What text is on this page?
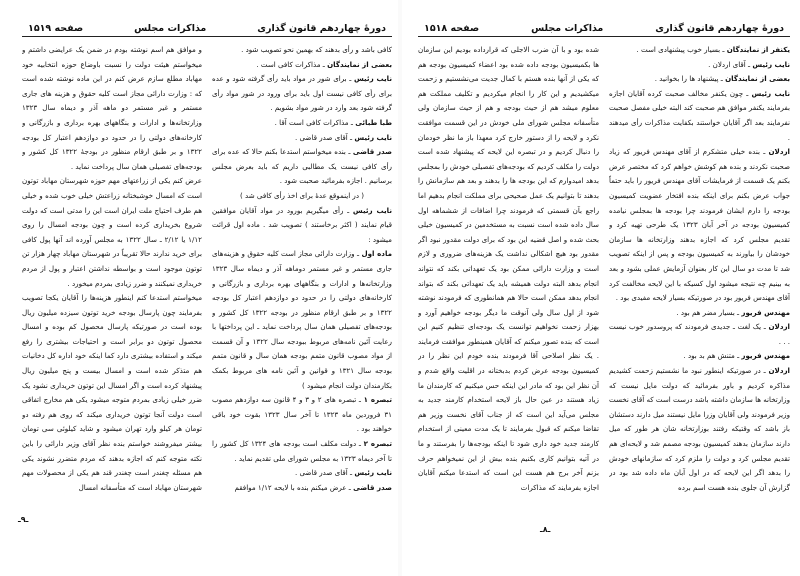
دورهٔ چهاردهم قانون گذاری
مذاکرات مجلس
صفحه ۱۵۱۹

کافی باشد و رأی بدهند که بهمین نحو تصویب شود .

بعضی از نمایندگان ـ مذاکرات کافی است .

نایب رئیس ـ برای شور در مواد باید رأی گرفته شود و عده برای رأی کافی نیست اول باید برای ورود در شور مواد رأی گرفته شود بعد وارد در شور مواد بشویم .

طبا طبائی ـ مذاکرات کافی است آقا .

نایب رئیس ـ آقای صدر قاضی .

صدر قاضی ـ بنده میخواستم استدعا بکنم حالا که عده برای رأی کافی نیست یک مطالبی داریم که باید بعرض مجلس برسانیم . اجازه بفرمائید صحبت شود .

( در اینموقع عدهٔ برای اخذ رأی کافی شد )

نایب رئیس ـ رأی میگیریم بورود در مواد آقایان موافقین قیام نمایند ( اکثر برخاستند ) تصویب شد . ماده اول قرائت میشود :

ماده اول ـ وزارت دارائی مجاز است کلیه حقوق و هزینه‌های جاری مستمر و غیر مستمر دوماهه آذر و دیماه سال ۱۳۲۳ وزارتخانه‌ها و ادارات و بنگاههای بهره برداری و بازرگانی و کارخانه‌های دولتی را در حدود دو دوازدهم اعتبار کل بودجه ۱۳۲۲ و بر طبق ارقام منظور در بودجه ۱۳۲۲ کل کشور و بودجه‌های تفصیلی همان سال پرداخت نماید ـ این پرداختها با رعایت آئین نامه‌های مربوط ببودجه سال ۱۳۲۲ و آن قسمت از مواد مصوب قانون متمم بودجه همان سال و قانون متمم بودجه سال ۱۳۲۱ و قوانین و آئین نامه های مربوط بکمک بکارمندان دولت انجام میشود )

تبصره ۱ ـ تبصره های ۲ و ۳ و ۴ قانون سه دوازدهم مصوب ۳۱ فروردین ماه ۱۳۲۳ تا آخر سال ۱۳۲۳ بقوت خود باقی خواهند بود .

تبصره ۲ ـ دولت مکلف است بودجه های ۱۳۲۴ کل کشور را تا آخر دیماه ۱۳۲۳ به مجلس شورای ملی تقدیم نماید .

نایب رئیس ـ آقای صدر قاضی .

صدر قاضی ـ عرض میکنم بنده با لایحه ۱/۱۲ موافقم

و موافق هم اسم نوشته بودم در ضمن یک عرایضی داشتم و میخواستم هیئت دولت را نسبت باوضاع حوزه انتخابیه خود مهاباد مطلع سازم عرض کنم در این ماده نوشته شده است که : وزارت دارائی مجاز است کلیه حقوق و هزینه های جاری مستمر و غیر مستمر دو ماهه آذر و دیماه سال ۱۳۲۳ وزارتخانه‌ها و ادارات و بنگاههای بهره برداری و بازرگانی و کارخانه‌های دولتی را در حدود دو دوازدهم اعتبار کل بودجه ۱۳۲۲ و بر طبق ارقام منظور در بودجهٔ ۱۳۲۲ کل کشور و بودجه‌های تفصیلی همان سال پرداخت نماید .

عرض کنم یکی از زراعتهای مهم حوزه شهرستان مهاباد توتون است که امسال خوشبختانه زراعتش خیلی خوب شده و خیلی هم طرف احتیاج ملت ایران است این را مدتی است که دولت شروع بخریداری کرده است و چون بودجه امسال را روی ۱/۱۲ یا ۲/۱۲ ـ سال ۱۳۲۲ به مجلس آورده اند آنها پول کافی برای خرید ندارند حالا تقریباً در شهرستان مهاباد چهار هزار تن توتون موجود است و بواسطه نداشتن اعتبار و پول از مردم خریداری نمیکنند و ضرر زیادی بمردم میخورد .

میخواستم استدعا کنم اینطور هزینه‌ها را آقایان یکجا تصویب بفرمایند چون پارسال بودجه خرید توتون سیزده میلیون ریال بوده است در صورتیکه پارسال محصول کم بوده و امسال محصول توتون دو برابر است و احتیاجات بیشتری را رفع میکند و استفاده بیشتری دارد کما اینکه خود اداره کل دخانیات هم متذکر شده است و امسال بیست و پنج میلیون ریال پیشنهاد کرده است و اگر امسال این توتون خریداری نشود یک ضرر خیلی زیادی بمردم متوجه میشود یکی هم مخارج اتفاقی است دولت آنجا توتون خریداری میکند که روی هم رفته دو تومان هر کیلو وارد تهران میشود و شاید کیلوئی سی تومان بیشتر میفروشند خواستم بنده نظر آقای وزیر دارائی را باین نکته متوجه کنم که اجازه بدهند که مردم متضرر نشوند یکی هم مسئله چغندر است چغندر قند هم یکی از محصولات مهم شهرستان مهاباد است که متأسفانه امسال

ـ۹ـ
دورهٔ چهاردهم قانون گذاری
مذاکرات مجلس
صفحه ۱۵۱۸

یکنفر از نمایندگان ـ بسیار خوب پیشنهادی است .

نایب رئیس ـ آقای اردلان .

بعضی از نمایندگان ـ پیشنهاد ها را بخوانید .

نایب رئیس ـ چون یکنفر مخالف صحبت کرده آقایان اجازه بفرمایند یکنفر موافق هم صحبت کند البته خیلی مفصل صحبت نفرمایند بعد اگر آقایان خواستند بکفایت مذاکرات رأی میدهند .

اردلان ـ بنده خیلی متشکرم از آقای مهندس فریور که زیاد صحبت نکردند و بنده هم کوشش خواهم کرد که مختصر عرض بکنم یک قسمت از فرمایشات آقای مهندس فریور را باید حتماً جواب عرض بکنم برای اینکه بنده افتخار عضویت کمیسیون بودجه را دارم ایشان فرمودند چرا بودجه ها بمجلس نیامده کمیسیون بودجه در آخر آبان ۱۳۲۳ یک طرحی تهیه کرد و تقدیم مجلس کرد که اجازه بدهند وزارتخانه ها سازمان خودشان را بیاورند به کمیسیون بودجه و پس از اینکه تصویب شد تا مدت دو سال این کار بعنوان آزمایش عملی بشود و بعد به بینیم چه نتیجه میشود اول کسیکه با این لایحه مخالفت کرد آقای مهندس فریور بود در صورتیکه بسیار لایحه مفیدی بود .

مهندس فریور ـ بسیار مضر هم بود .

اردلان ـ یک لغت ـ جدیدی فرمودند که پروسدور خوب نیست . . .

مهندس فریور ـ متنش هم بد بود .

اردلان ـ در صورتیکه اینطور نبود ما نشستیم زحمت کشیدیم مذاکره کردیم و باور بفرمائید که دولت مایل نیست که وزارتخانه ها سازمان داشته باشد درست است که آقای نخست وزیر فرمودند ولی آقایان وزرا مایل نیستند میل دارند دستشان باز باشد که وقتیکه رفتند بوزارتخانه شان هر طور که میل دارند سازمان بدهند کمیسیون بودجه مصمم شد و لایحه‌ای هم تقدیم مجلس کرد و دولت را ملزم کرد که سازمانهای خودش را بدهد اگر این لایحه که در اول آبان ماه داده شد بود در گزارش آن جلوی بنده هست اسم برده

شده بود و با آن ضرب الاجلی که قرارداده بودیم این سازمان ها بکمیسیون بودجه داده شده بود اعضاء کمیسیون بودجه هم که یکی از آنها بنده هستم با کمال جدیت می‌نشستیم و زحمت میکشیدیم و این کار را انجام میکردیم و تکلیف مملکت هم معلوم میشد هم از حیث بودجه و هم از حیث سازمان ولی متأسفانه مجلس شورای ملی خودش در این قسمت موافقت نکرد و لایحه را از دستور خارج کرد معهذا باز ما نظر خودمان را دنبال کردیم و در تبصره این لایحه که پیشنهاد شده است دولت را مکلف کردیم که بودجه‌های تفصیلی خودش را بمجلس بدهد امیدوارم که این بودجه ها را بدهند و بعد هم سازمانش را بدهند تا بتوانیم یک عمل صحیحی برای مملکت انجام بدهیم اما راجع بآن قسمتی که فرمودند چرا اضافات از ششماهه اول سال داده شده است نسبت به مستخدمین در کمیسیون خیلی بحث شده و اصل قضیه این بود که برای دولت مقدور نبود اگر مقدور بود هیچ اشکالی نداشت یک هزینه‌های ضروری و لازم است و وزارت دارائی ممکن بود یک تعهداتی بکند که نتواند انجام بدهد البته دولت همیشه باید یک تعهداتی بکند که بتواند انجام بدهد ممکن است حالا هم همانطوری که فرمودند نوشته شود از اول سال ولی آنوقت ما دیگر بودجه خواهیم آورد و بهزار زحمت نخواهیم توانست یک بودجه‌ای تنظیم کنیم این است که بنده تصور میکنم که آقایان همینطور موافقت فرمایند . یک نظر اصلاحی آقا فرمودند بنده خودم این نظر را در کمیسیون بودجه عرض کردم بدبختانه در اقلیت واقع شدم و آن نظر این بود که مادر این اینکه حس میکنیم که کارمندان ما زیاد هستند در عین حال باز لایحه استخدام کارمند جدید به مجلس می‌آید این است که از جناب آقای نخست وزیر هم تقاضا میکنم که قبول بفرمایند تا یک مدت معینی از استخدام کارمند جدید خود داری شود تا اینکه بودجه‌ها را بفرستند و ما در آتیه بتوانیم کاری بکنیم بنده بیش از این نمیخواهم حرف بزنم آخر برج هم هست این است که استدعا میکنم آقایان اجازه بفرمایند که مذاکرات

ـ۸ـ
